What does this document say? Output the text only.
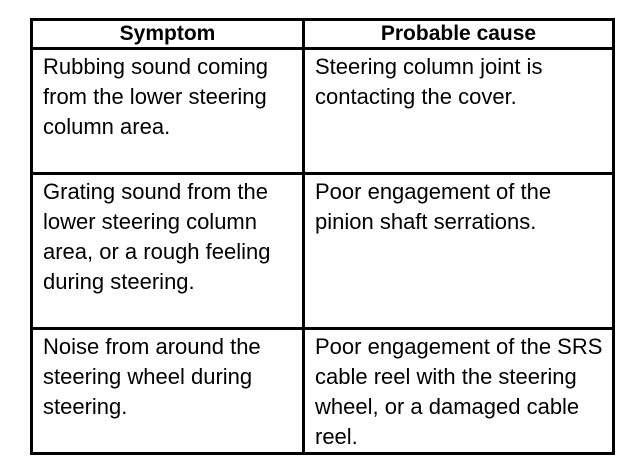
Symptom	Probable cause
Rubbing sound coming from the lower steering column area.	Steering column joint is contacting the cover.
Grating sound from the lower steering column area, or a rough feeling during steering.	Poor engagement of the pinion shaft serrations.
Noise from around the steering wheel during steering.	Poor engagement of the SRS cable reel with the steering wheel, or a damaged cable reel.
